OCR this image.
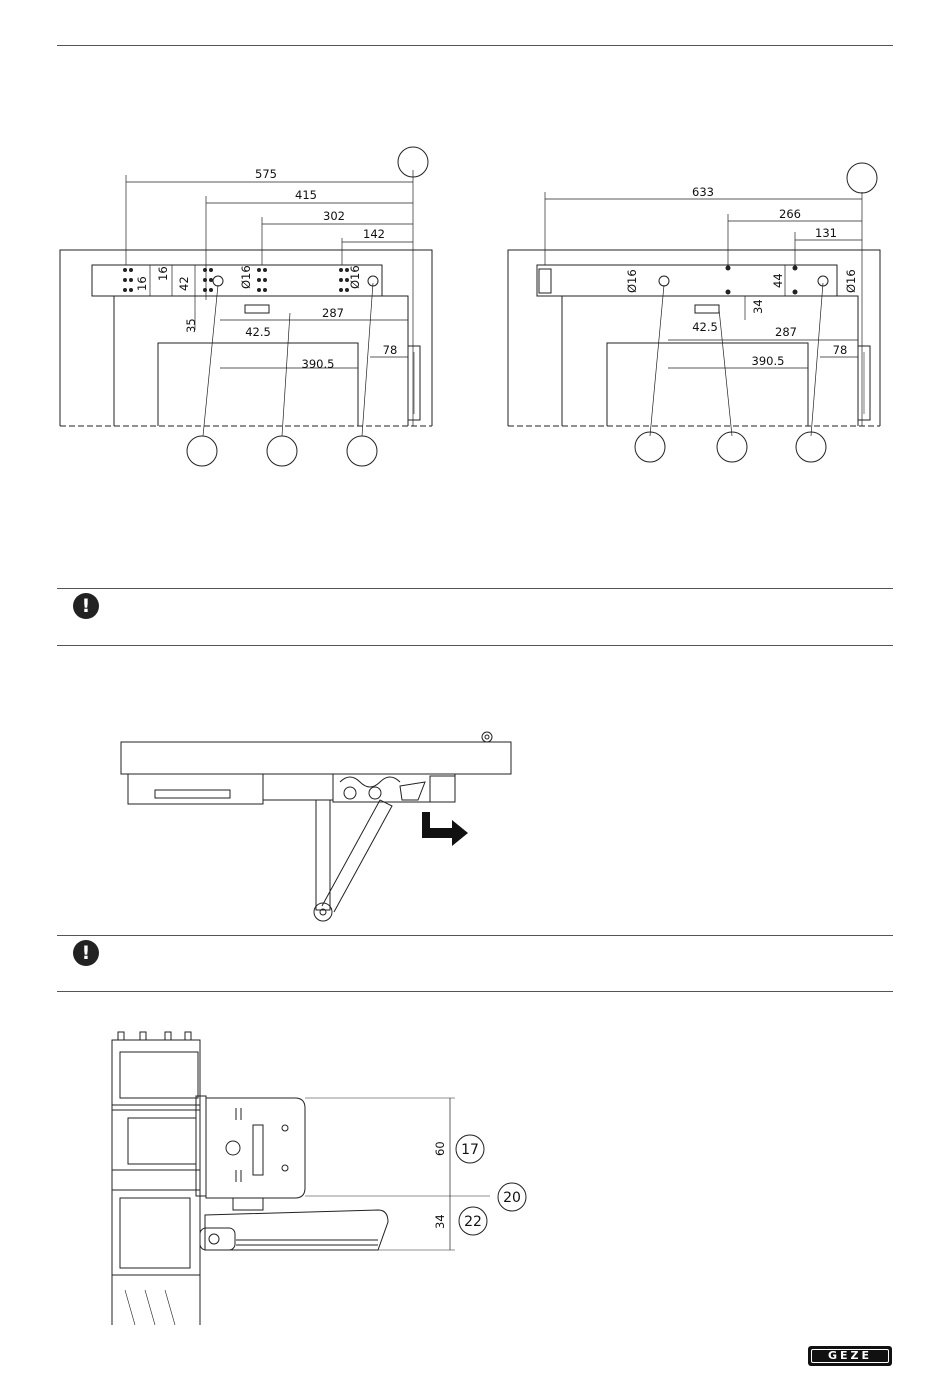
575
415
302
142
16
16
42	Ø16	Ø16
35	42.5
287
390.5
78
633
266
131
Ø16	44	Ø16
34
42.5	287
390.5
78
!
!
60
34
17
20
22
GEZE
